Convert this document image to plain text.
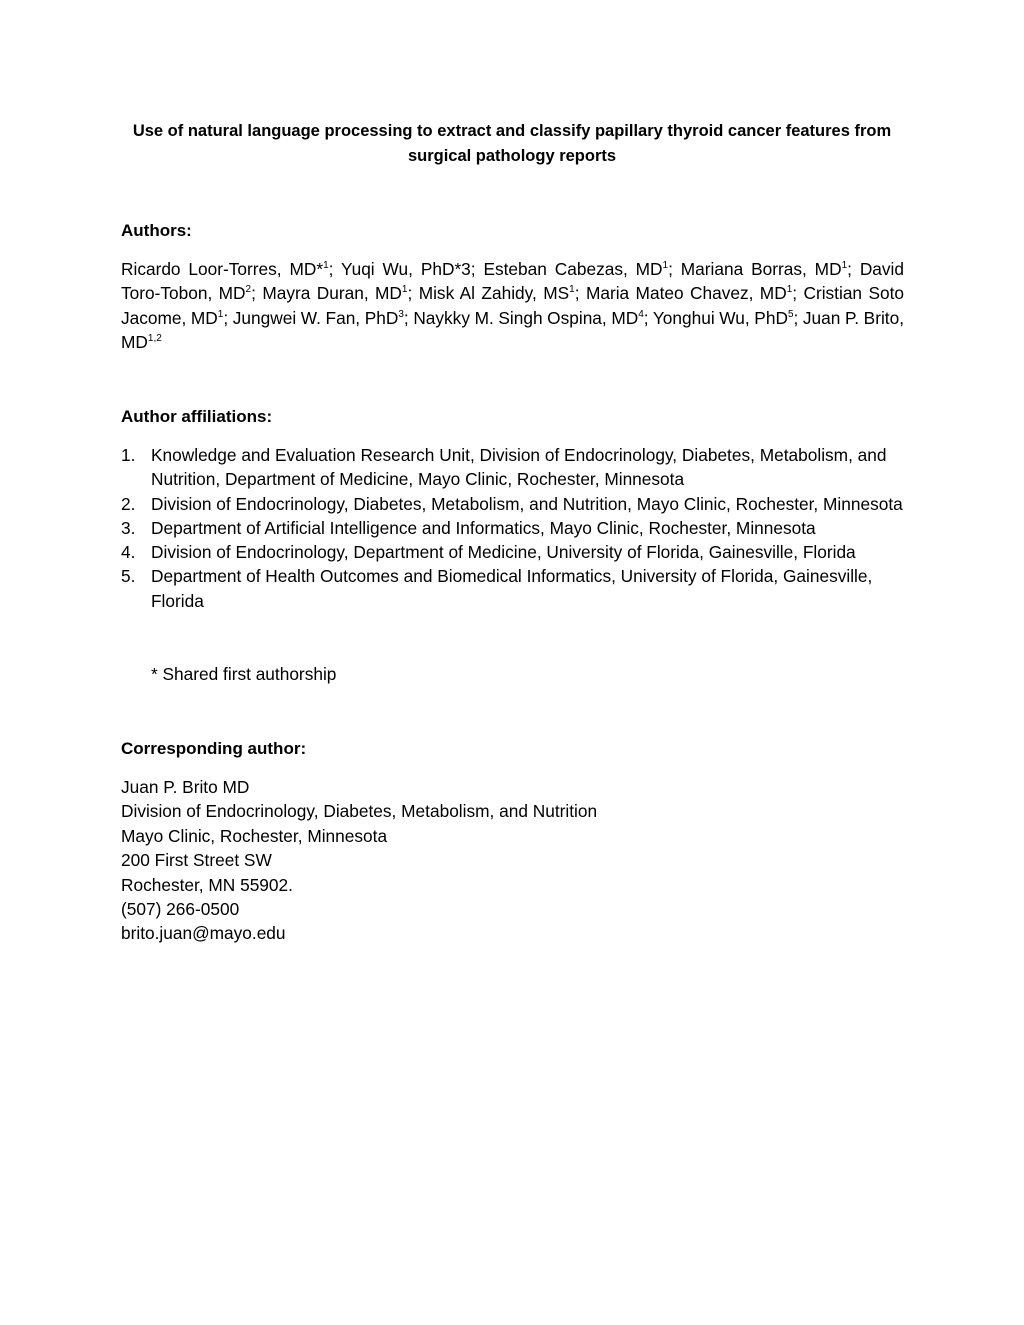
Use of natural language processing to extract and classify papillary thyroid cancer features from surgical pathology reports
Authors:
Ricardo Loor-Torres, MD*$^1$; Yuqi Wu, PhD*3; Esteban Cabezas, $MD^1$; Mariana Borras, $MD^1$; David Toro-Tobon, $MD^2$; Mayra Duran, $MD^1$; Misk Al Zahidy, $MS^1$; Maria Mateo Chavez, $MD^1$; Cristian Soto Jacome, $MD^1$; Jungwei W. Fan, PhD$^3$; Naykky M. Singh Ospina, $MD^4$; Yonghui Wu, PhD$^5$; Juan P. Brito, MD$^{1,2}$
Author affiliations:
1. Knowledge and Evaluation Research Unit, Division of Endocrinology, Diabetes, Metabolism, and Nutrition, Department of Medicine, Mayo Clinic, Rochester, Minnesota
2. Division of Endocrinology, Diabetes, Metabolism, and Nutrition, Mayo Clinic, Rochester, Minnesota
3. Department of Artificial Intelligence and Informatics, Mayo Clinic, Rochester, Minnesota
4. Division of Endocrinology, Department of Medicine, University of Florida, Gainesville, Florida
5. Department of Health Outcomes and Biomedical Informatics, University of Florida, Gainesville, Florida
* Shared first authorship
Corresponding author:
Juan P. Brito MD
Division of Endocrinology, Diabetes, Metabolism, and Nutrition
Mayo Clinic, Rochester, Minnesota
200 First Street SW
Rochester, MN 55902.
(507) 266-0500
brito.juan@mayo.edu
